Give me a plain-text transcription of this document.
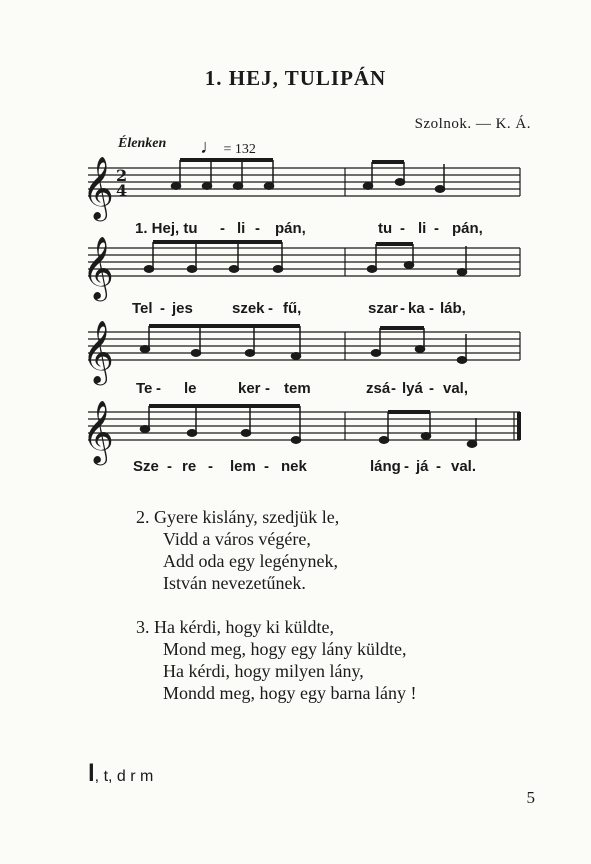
1. HEJ, TULIPÁN
Szolnok. — K. Á.
Élenken ♩ = 132
𝄞 2
4
1. Hej, tu - li - pán,	tu - li - pán,
𝄞
Tel - jes	szek - fű,	szar - ka - láb,
𝄞
Te - le	ker - tem	zsá - lyá - val,
𝄞
Sze - re - lem - nek	láng - já - val.
2. Gyere kislány, szedjük le,
Vidd a város végére,
Add oda egy legénynek,
István nevezetűnek.
3. Ha kérdi, hogy ki küldte,
Mond meg, hogy egy lány küldte,
Ha kérdi, hogy milyen lány,
Mondd meg, hogy egy barna lány !
l, t, d r m
5
